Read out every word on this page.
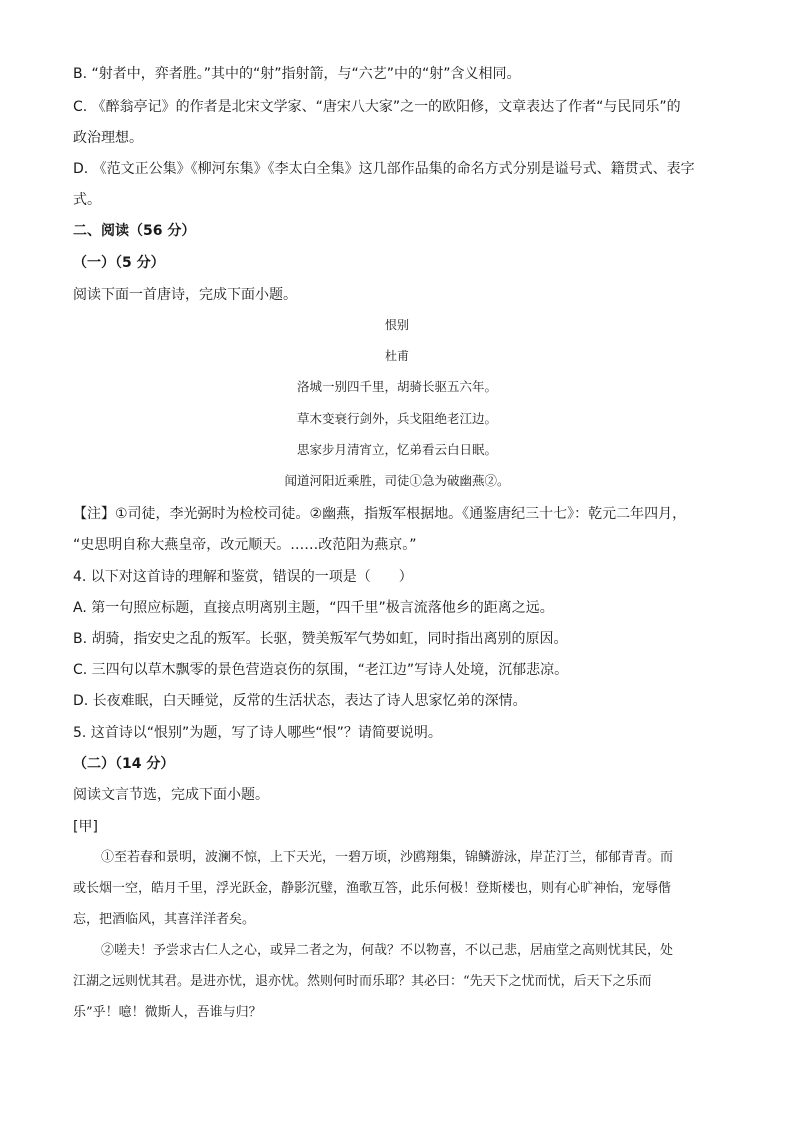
B. “射者中，弈者胜。”其中的“射”指射箭，与“六艺”中的“射”含义相同。
C. 《醉翁亭记》的作者是北宋文学家、“唐宋八大家”之一的欧阳修，文章表达了作者“与民同乐”的
政治理想。
D. 《范文正公集》《柳河东集》《李太白全集》这几部作品集的命名方式分别是谥号式、籍贯式、表字
式。
二、阅读（56 分）
（一）（5 分）
阅读下面一首唐诗，完成下面小题。
恨别
杜甫
洛城一别四千里，胡骑长驱五六年。
草木变衰行剑外，兵戈阻绝老江边。
思家步月清宵立，忆弟看云白日眠。
闻道河阳近乘胜，司徒①急为破幽燕②。
【注】①司徒，李光弼时为检校司徒。②幽燕，指叛军根据地。《通鉴唐纪三十七》：乾元二年四月，
“史思明自称大燕皇帝，改元顺天。……改范阳为燕京。”
4. 以下对这首诗的理解和鉴赏，错误的一项是（　　）
A. 第一句照应标题，直接点明离别主题，“四千里”极言流落他乡的距离之远。
B. 胡骑，指安史之乱的叛军。长驱，赞美叛军气势如虹，同时指出离别的原因。
C. 三四句以草木飘零的景色营造哀伤的氛围，“老江边”写诗人处境，沉郁悲凉。
D. 长夜难眠，白天睡觉，反常的生活状态，表达了诗人思家忆弟的深情。
5. 这首诗以“恨别”为题，写了诗人哪些“恨”？请简要说明。
（二）（14 分）
阅读文言节选，完成下面小题。
[甲]
①至若春和景明，波澜不惊，上下天光，一碧万顷，沙鸥翔集，锦鳞游泳，岸芷汀兰，郁郁青青。而
或长烟一空，皓月千里，浮光跃金，静影沉璧，渔歌互答，此乐何极！登斯楼也，则有心旷神怡，宠辱偕
忘，把酒临风，其喜洋洋者矣。
②嗟夫！予尝求古仁人之心，或异二者之为，何哉？不以物喜，不以己悲，居庙堂之高则忧其民，处
江湖之远则忧其君。是进亦忧，退亦忧。然则何时而乐耶？其必曰：“先天下之忧而忧，后天下之乐而
乐”乎！噫！微斯人，吾谁与归？
